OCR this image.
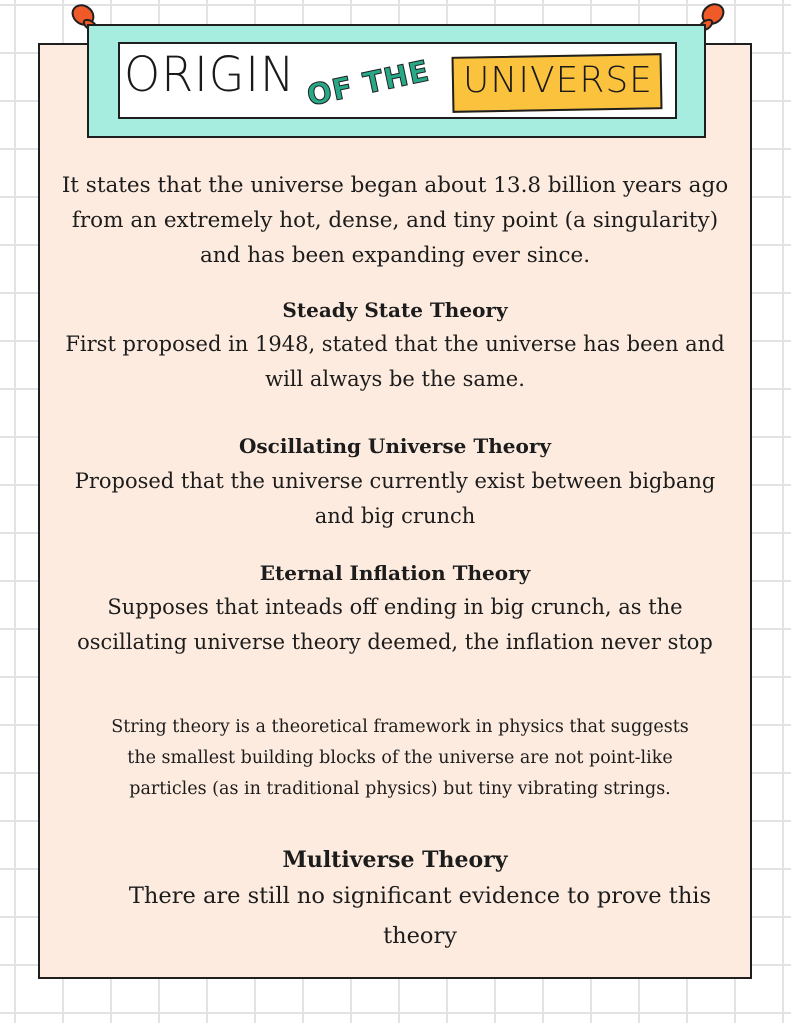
ORIGIN OF THE UNIVERSE
It states that the universe began about 13.8 billion years ago from an extremely hot, dense, and tiny point (a singularity) and has been expanding ever since.
Steady State Theory
First proposed in 1948, stated that the universe has been and will always be the same.
Oscillating Universe Theory
Proposed that the universe currently exist between bigbang and big crunch
Eternal Inflation Theory
Supposes that inteads off ending in big crunch, as the oscillating universe theory deemed, the inflation never stop
String theory is a theoretical framework in physics that suggests the smallest building blocks of the universe are not point-like particles (as in traditional physics) but tiny vibrating strings.
Multiverse Theory
There are still no significant evidence to prove this theory
